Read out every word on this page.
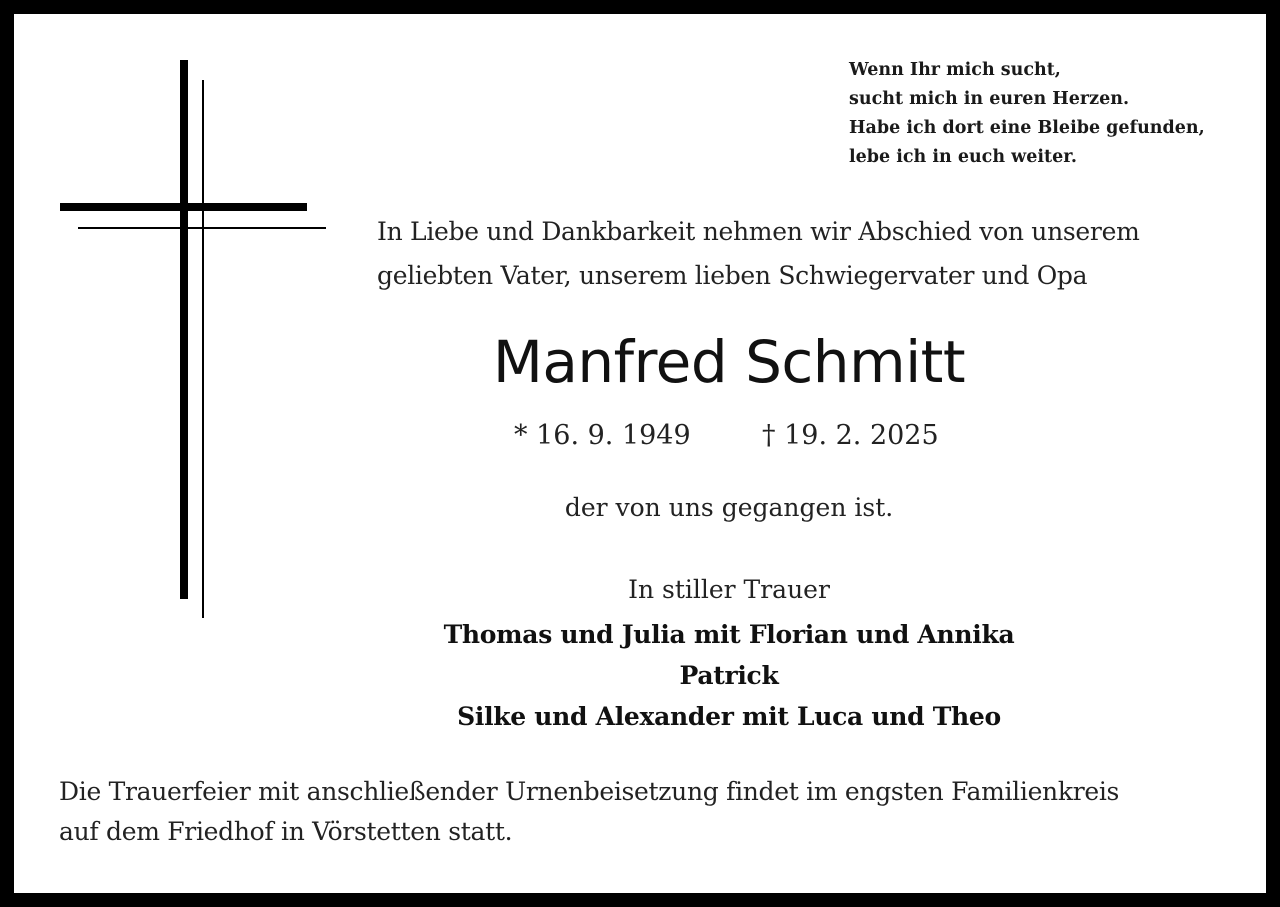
Wenn Ihr mich sucht,
sucht mich in euren Herzen.
Habe ich dort eine Bleibe gefunden,
lebe ich in euch weiter.
In Liebe und Dankbarkeit nehmen wir Abschied von unserem
geliebten Vater, unserem lieben Schwiegervater und Opa
Manfred Schmitt
* 16. 9. 1949	† 19. 2. 2025
der von uns gegangen ist.
In stiller Trauer
Thomas und Julia mit Florian und Annika
Patrick
Silke und Alexander mit Luca und Theo
Die Trauerfeier mit anschließender Urnenbeisetzung findet im engsten Familienkreis
auf dem Friedhof in Vörstetten statt.
